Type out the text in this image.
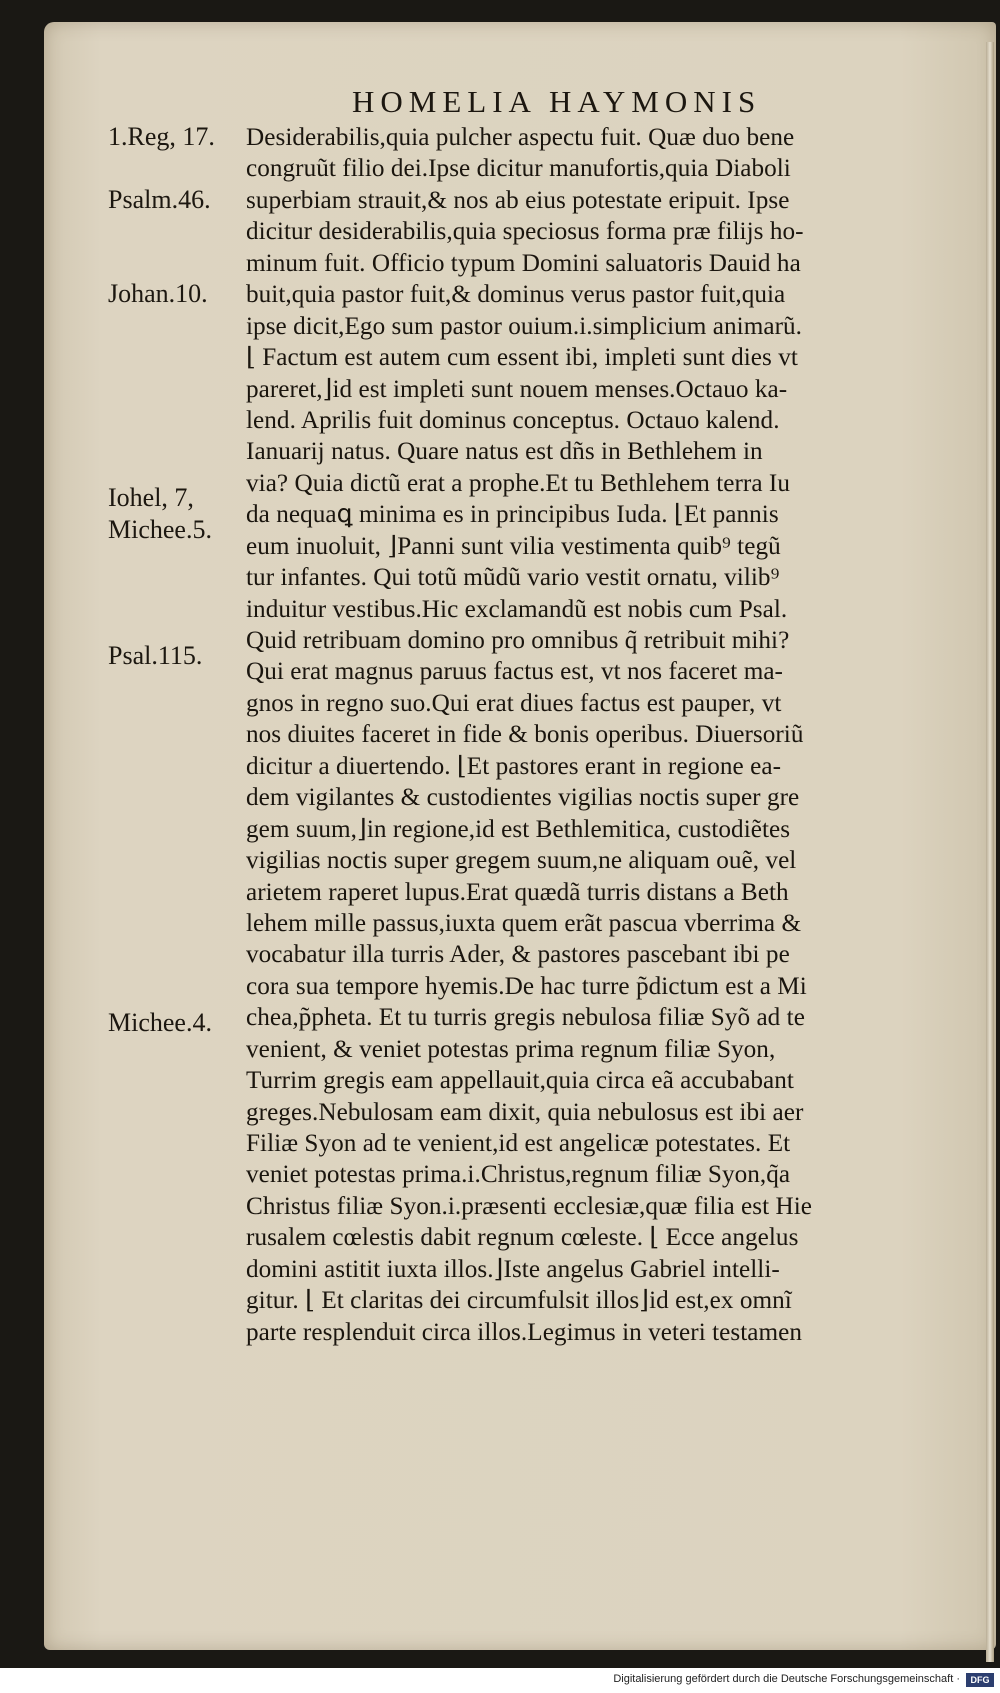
HOMELIA HAYMONIS
1.Reg, 17.
Psalm.46.
Johan.10.
Iohel, 7,
Michee.5.
Psal.115.
Michee.4.
Desiderabilis,quia pulcher aspectu fuit. Quæ duo bene
congruũt filio dei.Ipse dicitur manufortis,quia Diaboli
superbiam strauit,& nos ab eius potestate eripuit. Ipse
dicitur desiderabilis,quia speciosus forma præ filijs ho-
minum fuit. Officio typum Domini saluatoris Dauid ha
buit,quia pastor fuit,& dominus verus pastor fuit,quia
ipse dicit,Ego sum pastor ouium.i.simplicium animarũ.
⌊ Factum est autem cum essent ibi, impleti sunt dies vt
pareret,⌋id est impleti sunt nouem menses.Octauo ka-
lend. Aprilis fuit dominus conceptus. Octauo kalend.
Ianuarij natus. Quare natus est dñs in Bethlehem in
via? Quia dictũ erat a prophe.Et tu Bethlehem terra Iu
da nequaꝗ minima es in principibus Iuda. ⌊Et pannis
eum inuoluit, ⌋Panni sunt vilia vestimenta quib⁹ tegũ
tur infantes. Qui totũ mũdũ vario vestit ornatu, vilib⁹
induitur vestibus.Hic exclamandũ est nobis cum Psal.
Quid retribuam domino pro omnibus q̃ retribuit mihi?
Qui erat magnus paruus factus est, vt nos faceret ma-
gnos in regno suo.Qui erat diues factus est pauper, vt
nos diuites faceret in fide & bonis operibus. Diuersoriũ
dicitur a diuertendo. ⌊Et pastores erant in regione ea-
dem vigilantes & custodientes vigilias noctis super gre
gem suum,⌋in regione,id est Bethlemitica, custodiẽtes
vigilias noctis super gregem suum,ne aliquam ouẽ, vel
arietem raperet lupus.Erat quædã turris distans a Beth
lehem mille passus,iuxta quem erãt pascua vberrima &
vocabatur illa turris Ader, & pastores pascebant ibi pe
cora sua tempore hyemis.De hac turre p̃dictum est a Mi
chea,p̃pheta. Et tu turris gregis nebulosa filiæ Syõ ad te
venient, & veniet potestas prima regnum filiæ Syon,
Turrim gregis eam appellauit,quia circa eã accubabant
greges.Nebulosam eam dixit, quia nebulosus est ibi aer
Filiæ Syon ad te venient,id est angelicæ potestates. Et
veniet potestas prima.i.Christus,regnum filiæ Syon,q̃a
Christus filiæ Syon.i.præsenti ecclesiæ,quæ filia est Hie
rusalem cœlestis dabit regnum cœleste. ⌊ Ecce angelus
domini astitit iuxta illos.⌋Iste angelus Gabriel intelli-
gitur. ⌊ Et claritas dei circumfulsit illos⌋id est,ex omnĩ
parte resplenduit circa illos.Legimus in veteri testamen
Digitalisierung gefördert durch die Deutsche Forschungsgemeinschaft ·	DFG
